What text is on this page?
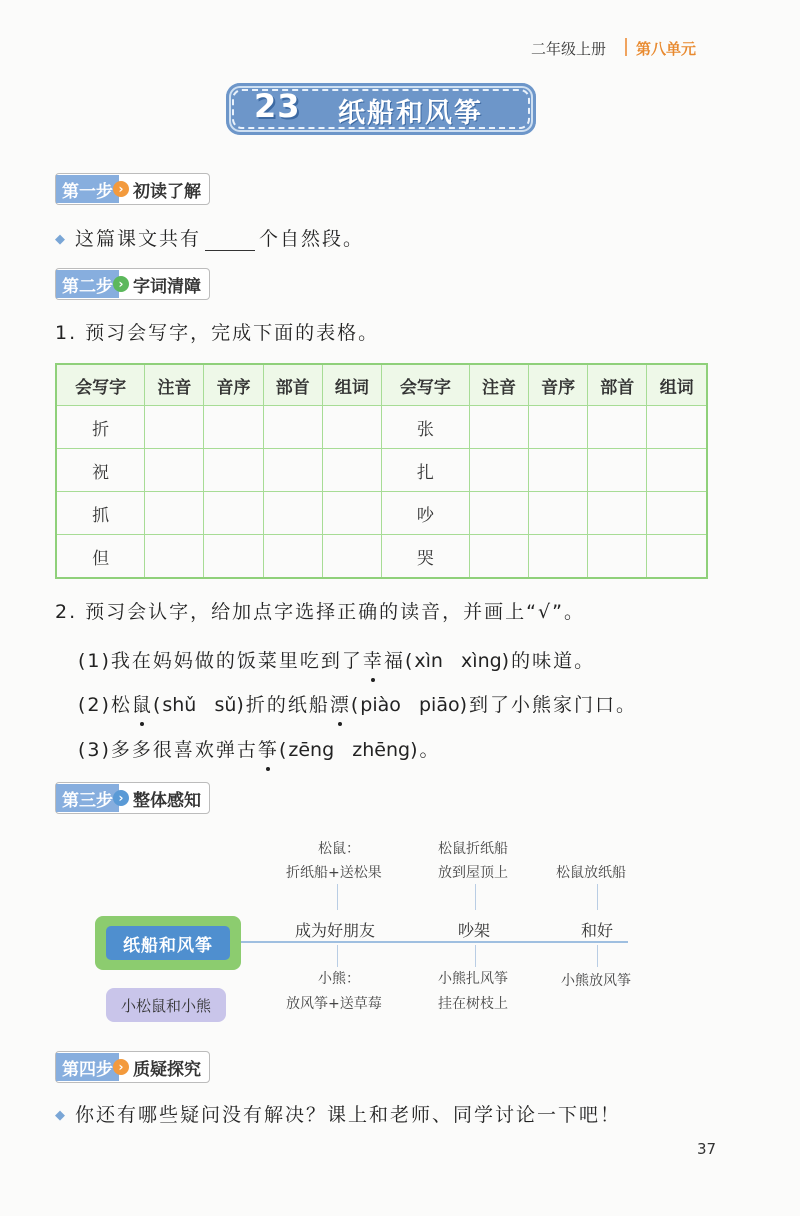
二年级上册 第八单元
23 纸船和风筝
第一步 › 初读了解
◆ 这篇课文共有	个自然段。
第二步 › 字词清障
1. 预习会写字，完成下面的表格。
会写字	注音	音序	部首	组词	会写字	注音	音序	部首	组词
折					张				
祝					扎				
抓					吵				
但					哭				
2. 预习会认字，给加点字选择正确的读音，并画上“√”。
(1)我在妈妈做的饭菜里吃到了幸福(xìn   xìng)的味道。
(2)松鼠(shǔ   sǔ)折的纸船漂(piào   piāo)到了小熊家门口。
(3)多多很喜欢弹古筝(zēng   zhēng)。
第三步 › 整体感知
松鼠：
折纸船+送松果
松鼠折纸船
放到屋顶上	松鼠放纸船
成为好朋友	吵架	和好
小熊：
放风筝+送草莓
小熊扎风筝
挂在树枝上
小熊放风筝
纸船和风筝
小松鼠和小熊
第四步 › 质疑探究
◆ 你还有哪些疑问没有解决？课上和老师、同学讨论一下吧！
37
